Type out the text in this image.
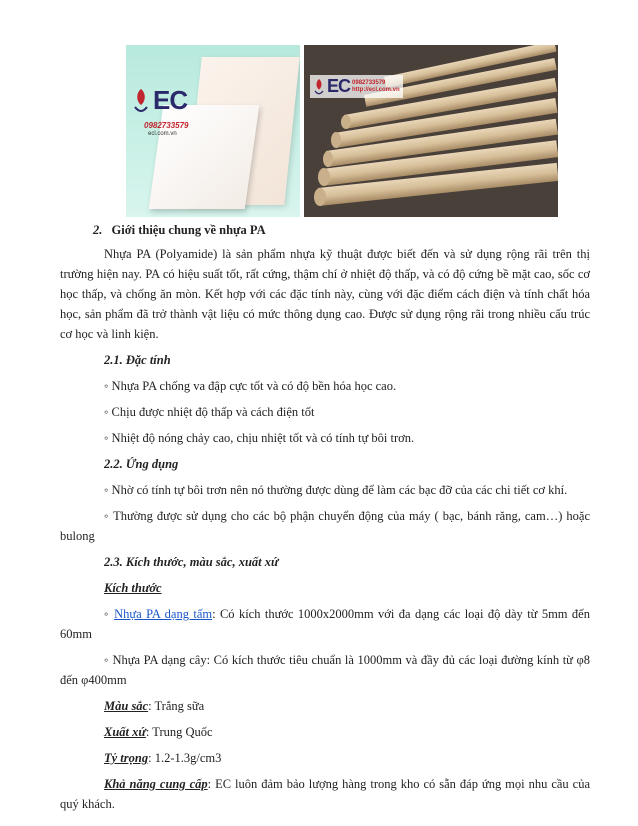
EC
0982733579
ecl.com.vn
EC 0982733579
http://ecl.com.vn
2. Giới thiệu chung về nhựa PA

Nhựa PA (Polyamide) là sản phẩm nhựa kỹ thuật được biết đến và sử dụng rộng rãi trên thị trường hiện nay. PA có hiệu suất tốt, rất cứng, thậm chí ở nhiệt độ thấp, và có độ cứng bề mặt cao, sốc cơ học thấp, và chống ăn mòn. Kết hợp với các đặc tính này, cùng với đặc điểm cách điện và tính chất hóa học, sản phẩm đã trở thành vật liệu có mức thông dụng cao. Được sử dụng rộng rãi trong nhiều cấu trúc cơ học và linh kiện.

2.1. Đặc tính

◦ Nhựa PA chống va đập cực tốt và có độ bền hóa học cao.

◦ Chịu được nhiệt độ thấp và cách điện tốt

◦ Nhiệt độ nóng chảy cao, chịu nhiệt tốt và có tính tự bôi trơn.

2.2. Ứng dụng

◦ Nhờ có tính tự bôi trơn nên nó thường được dùng để làm các bạc đỡ của các chi tiết cơ khí.

◦ Thường được sử dụng cho các bộ phận chuyển động của máy ( bạc, bánh răng, cam…) hoặc bulong

2.3. Kích thước, màu sắc, xuất xứ
Kích thước

◦ Nhựa PA dạng tấm: Có kích thước 1000x2000mm với đa dạng các loại độ dày từ 5mm đến 60mm

◦ Nhựa PA dạng cây: Có kích thước tiêu chuẩn là 1000mm và đầy đủ các loại đường kính từ φ8 đến φ400mm

Màu sắc: Trắng sữa

Xuất xứ: Trung Quốc

Tỷ trọng: 1.2-1.3g/cm3

Khả năng cung cấp: EC luôn đảm bảo lượng hàng trong kho có sẵn đáp ứng mọi nhu cầu của quý khách.
